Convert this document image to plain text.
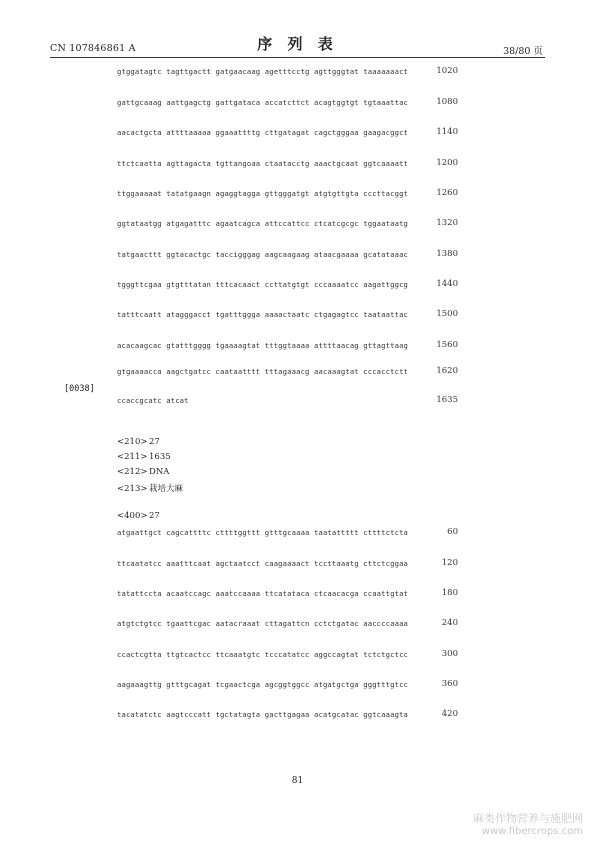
CN 107846861 A	序 列 表	38/80 页
gtggatagtc tagttgactt gatgaacaag agetttcctg agttgggtat taaaaaaact	1020
gattgcaaag aattgagctg gattgataca accatcttct acagtggtgt tgtaaattac	1080
aacactgcta attttaaaaa ggaaattttg cttgatagat cagctgggaa gaagacggct	1140
ttctcaatta agttagacta tgttangoaa ctaatacctg aaactgcaat ggtcaaaatt	1200
ttggaaaaat tatatgaagn agaggtagga gttgggatgt atgtgttgta cccttacggt	1260
ggtataatgg atgagatttc agaatcagca attccattcc ctcatcgcgc tggaataatg	1320
tatgaacttt ggtacactgc taccigggag aagcaagaag ataacgaaaa gcatataaac	1380
tgggttcgaa gtgtttatan tttcacaact ccttatgtgt cccaaaatcc aagattggcg	1440
tatttcaatt atagggacct tgatttggga aaaactaatc ctgagagtcc taataattac	1500
acacaagcac gtatttgggg tgaaaagtat tttggtaaaa attttaacag gttagttaag	1560
gtgaaaacca aagctgatcc caataatttt tttagaaacg aacaaagtat cccacctctt	1620
ccaccgcatc atcat	1635
[0038]
<210> 27
<211> 1635
<212> DNA
<213> 栽培大麻
<400> 27
atgaattgct cagcattttc cttttggttt gtttgcaaaa taatattttt cttttctcta	60
ttcaatatcc aaatttcaat agctaatcct caagaaaact tccttaaatg cttctcggaa	120
tatattccta acaatccagc aaatccaaaa ttcatataca ctcaacacga ccaattgtat	180
atgtctgtcc tgaattcgac aatacraaat cttagattcn cctctgatac aaccccaaaa	240
ccactcgtta ttgtcactcc ttcaaatgtc tcccatatcc aggccagtat tctctgctcc	300
aagaaagttg gtttgcagat tcgaactcga agcggtggcc atgatgctga gggtttgtcc	360
tacatatctc aagtcccatt tgctatagta gacttgagaa acatgcatac ggtcaaagta	420
81
麻类作物营养与施肥网
www.fibercrops.com
